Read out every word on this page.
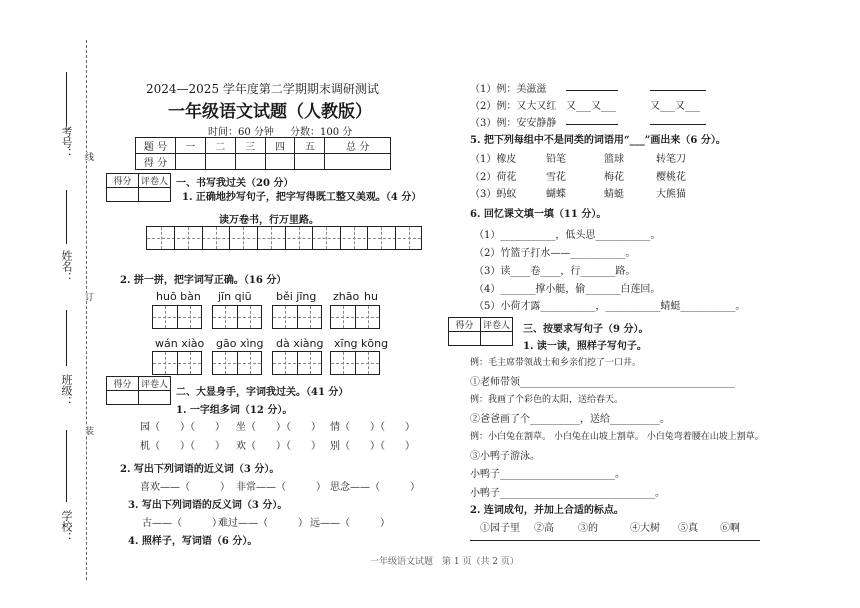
考号：
姓名：
班级：
学校：
线
订
装
2024—2025 学年度第二学期期末调研测试
一年级语文试题（人教版）
时间：60 分钟 分数：100 分
题 号	一	二	三	四	五	总 分
得 分						
得分	评卷人
	一、书写我过关（20 分）
1. 正确地抄写句子，把字写得既工整又美观。（4 分）
读万卷书，行万里路。
2. 拼一拼，把字词写正确。（16 分）
huō bàn jīn qiū běi jīng zhāo hu
wán xiào gāo xìng dà xiàng xīng kōng
得分	评卷人

二、大显身手，字词我过关。（41 分）
1. 一字组多词（12 分）。
园（　　）（　　） 坐（　　）（　　） 情（　　）（　　）
机（　　）（　　） 欢（　　）（　　） 别（　　）（　　）
2. 写出下列词语的近义词（3 分）。
喜欢——（　　　） 非常——（　　　） 思念——（　　　）
3. 写出下列词语的反义词（3 分）。
古——（　　　）
难过——（　　　） 远——（　　　）
4. 照样子，写词语（6 分）。
（1）例：美滋滋
（2）例：又大又红 又___又___	又___又___
（3）例：安安静静
5. 把下列每组中不是同类的词语用“___”画出来（6 分）。
（1）橡皮	铅笔	篮球	转笔刀
（2）荷花	雪花	梅花	樱桃花
（3）蚂蚁	蝴蝶	蜻蜓	大熊猫
6. 回忆课文填一填（11 分）。
（1）___________，低头思___________。
（2）竹篮子打水——___________。
（3）读____卷____，行_______路。
（4）_______撑小艇，偷_______白莲回。
（5）小荷才露___________，___________蜻蜓___________。
得分	评卷人
	三、按要求写句子（9 分）。
1. 读一读，照样子写句子。
例：毛主席带领战士和乡亲们挖了一口井。
①老师带领___________________________________________
例：我画了个彩色的太阳，送给春天。
②爸爸画了个__________，送给__________。
例：小白兔在割草。 小白兔在山坡上割草。 小白兔弯着腰在山坡上割草。
③小鸭子游泳。
小鸭子_______________________。
小鸭子_______________________________。
2. 连词成句，并加上合适的标点。
①园子里 ②高 ③的	④大树 ⑤真 ⑥啊
一年级语文试题　第 1 页（共 2 页）
